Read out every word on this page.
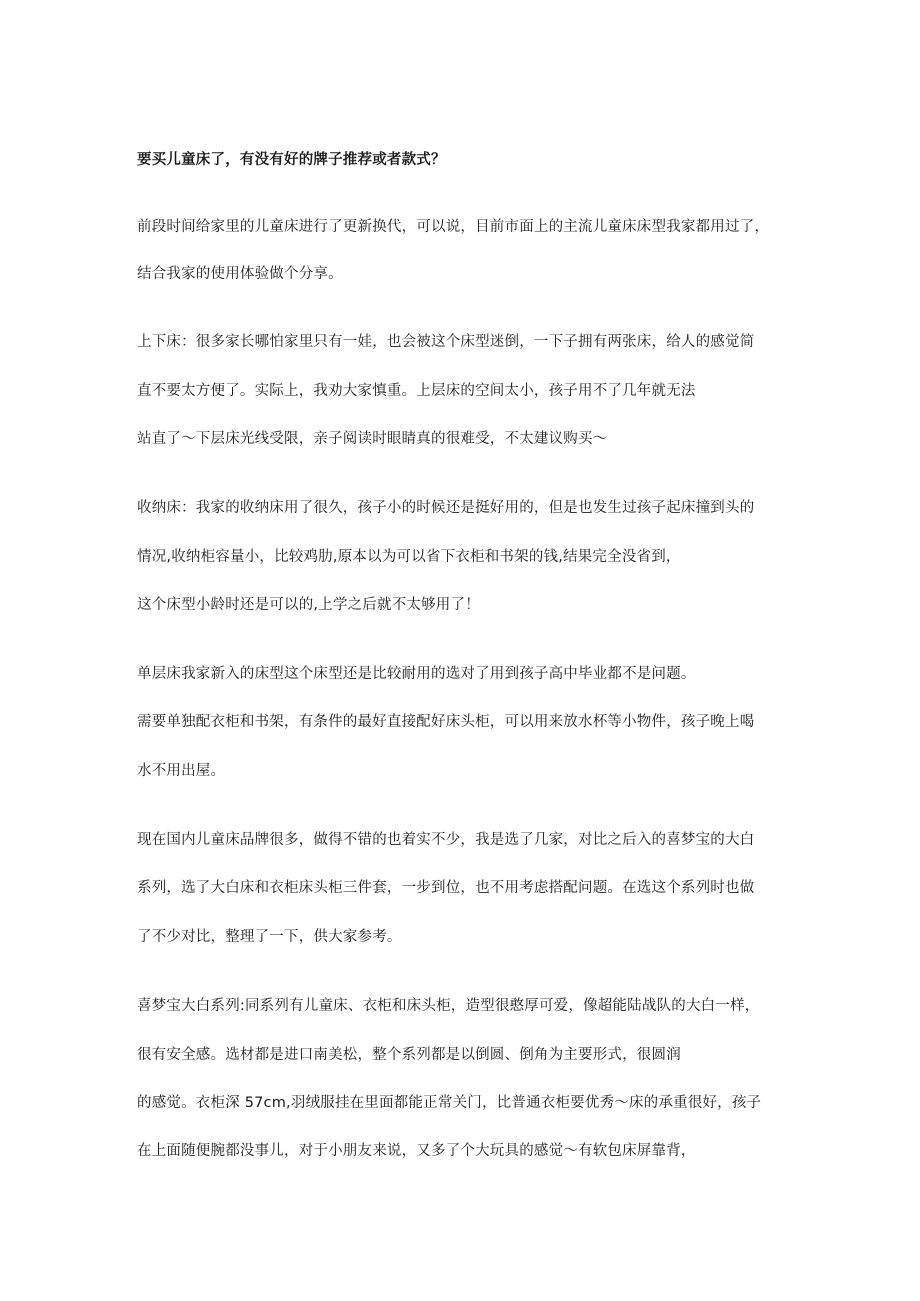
要买儿童床了，有没有好的牌子推荐或者款式？
前段时间给家里的儿童床进行了更新换代，可以说，目前市面上的主流儿童床床型我家都用过了，
结合我家的使用体验做个分享。
上下床：很多家长哪怕家里只有一娃，也会被这个床型迷倒，一下子拥有两张床，给人的感觉简
直不要太方便了。实际上，我劝大家慎重。上层床的空间太小，孩子用不了几年就无法
站直了～下层床光线受限，亲子阅读时眼睛真的很难受，不太建议购买～
收纳床：我家的收纳床用了很久，孩子小的时候还是挺好用的，但是也发生过孩子起床撞到头的
情况,收纳柜容量小，比较鸡肋,原本以为可以省下衣柜和书架的钱,结果完全没省到，
这个床型小龄时还是可以的,上学之后就不太够用了！
单层床我家新入的床型这个床型还是比较耐用的选对了用到孩子高中毕业都不是问题。
需要单独配衣柜和书架，有条件的最好直接配好床头柜，可以用来放水杯等小物件，孩子晚上喝
水不用出屋。
现在国内儿童床品牌很多，做得不错的也着实不少，我是选了几家，对比之后入的喜梦宝的大白
系列，选了大白床和衣柜床头柜三件套，一步到位，也不用考虑搭配问题。在选这个系列时也做
了不少对比，整理了一下，供大家参考。
喜梦宝大白系列:同系列有儿童床、衣柜和床头柜，造型很憨厚可爱，像超能陆战队的大白一样，
很有安全感。选材都是进口南美松，整个系列都是以倒圆、倒角为主要形式，很圆润
的感觉。衣柜深 57cm,羽绒服挂在里面都能正常关门，比普通衣柜要优秀～床的承重很好，孩子
在上面随便腕都没事儿，对于小朋友来说，又多了个大玩具的感觉～有软包床屏靠背，
